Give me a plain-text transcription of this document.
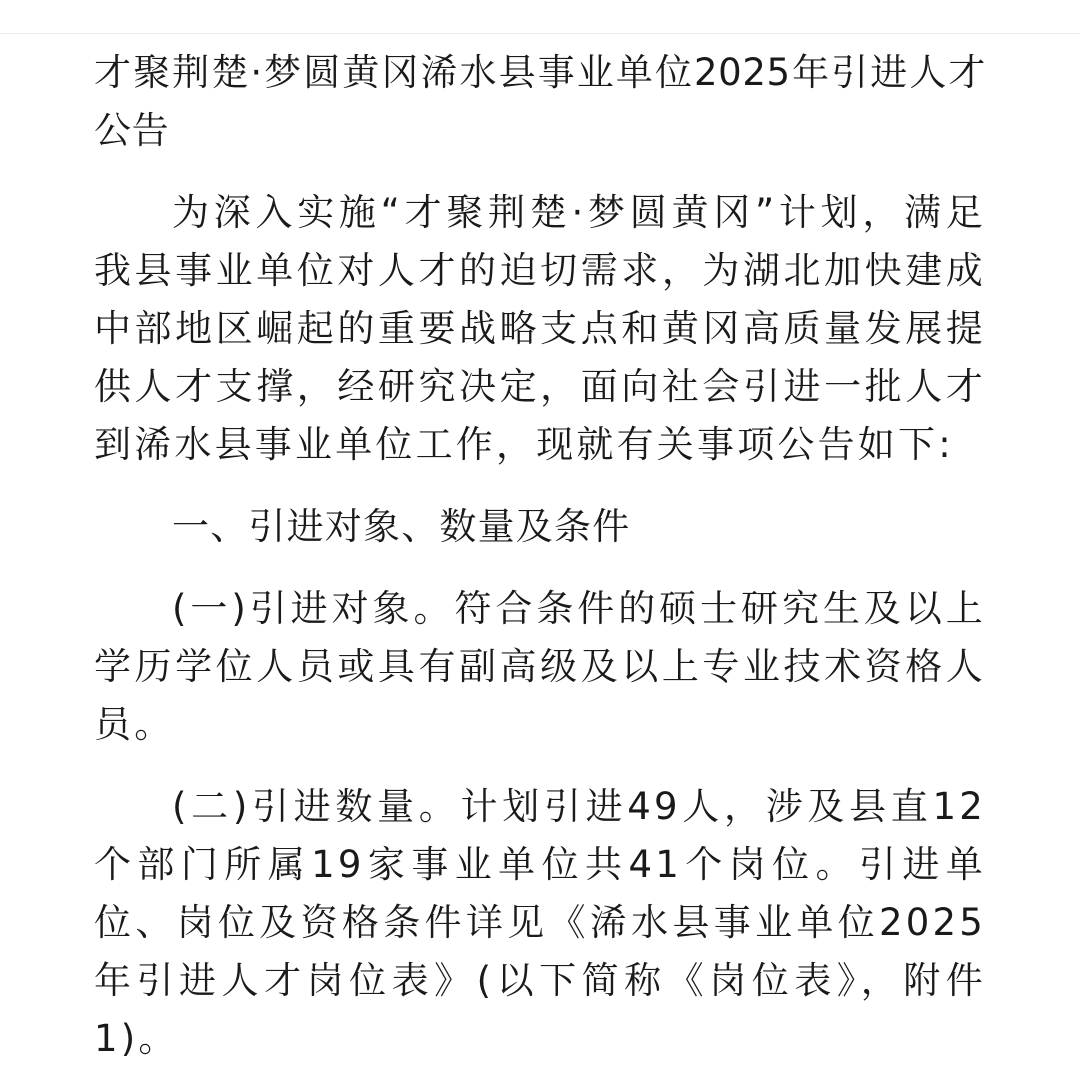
才聚荆楚·梦圆黄冈浠水县事业单位2025年引进人才公告

为深入实施“才聚荆楚·梦圆黄冈”计划，满足我县事业单位对人才的迫切需求，为湖北加快建成中部地区崛起的重要战略支点和黄冈高质量发展提供人才支撑，经研究决定，面向社会引进一批人才到浠水县事业单位工作，现就有关事项公告如下:

一、引进对象、数量及条件

(一)引进对象。符合条件的硕士研究生及以上学历学位人员或具有副高级及以上专业技术资格人员。

(二)引进数量。计划引进49人，涉及县直12个部门所属19家事业单位共41个岗位。引进单位、岗位及资格条件详见《浠水县事业单位2025年引进人才岗位表》(以下简称《岗位表》，附件1)。
